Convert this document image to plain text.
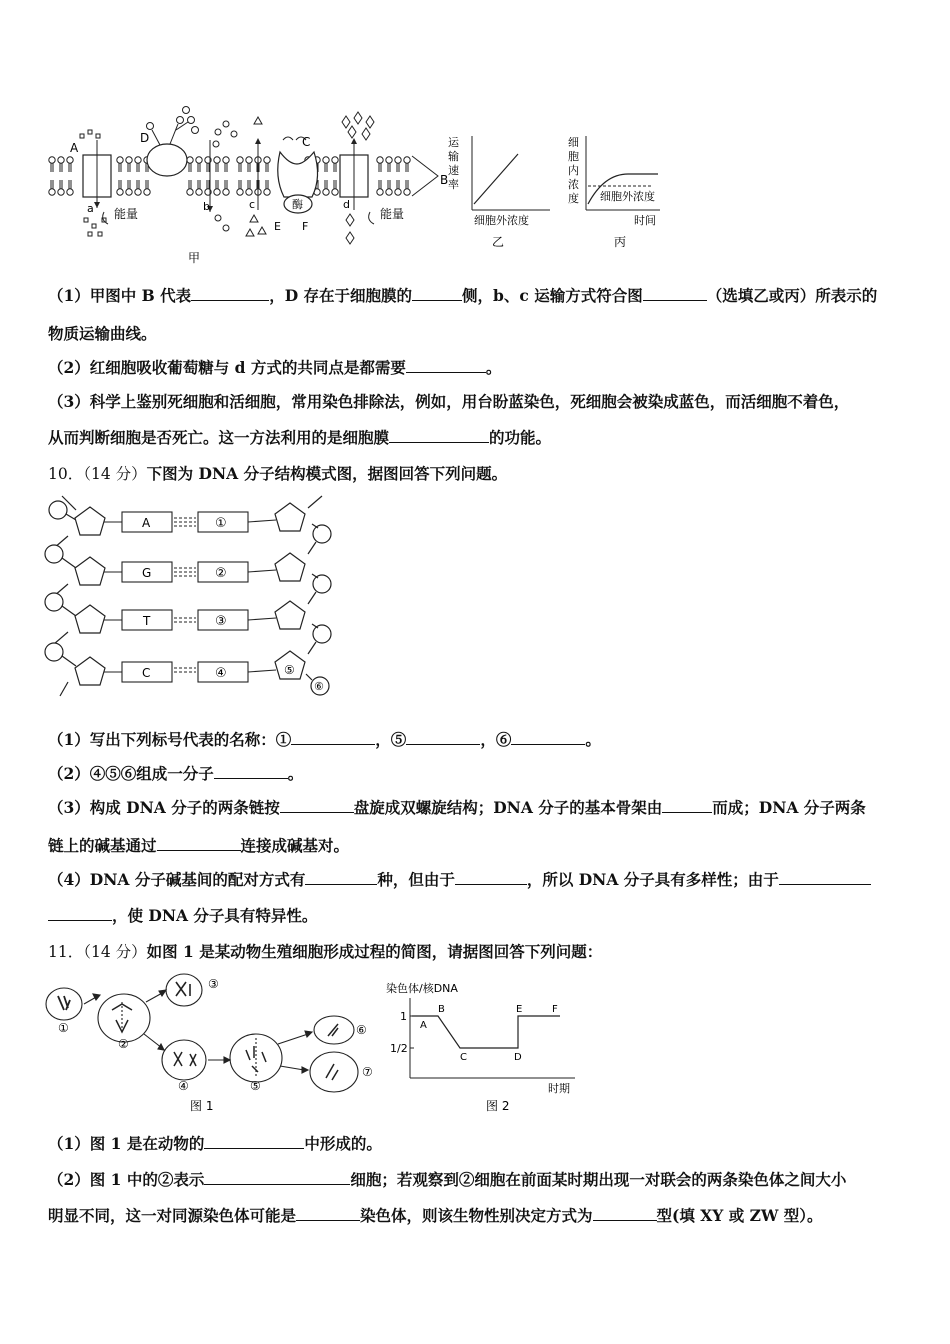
A
D	C
B
a	b	c	d
酶
E F
能量	能量
甲
运
输
速
率
细胞外浓度
乙
细
胞
内
浓
度 细胞外浓度
时间
丙
（1）甲图中 B 代表	，D 存在于细胞膜的	侧，b、c 运输方式符合图	（选填乙或丙）所表示的
物质运输曲线。
（2）红细胞吸收葡萄糖与 d 方式的共同点是都需要	。
（3）科学上鉴别死细胞和活细胞，常用染色排除法，例如，用台盼蓝染色，死细胞会被染成蓝色，而活细胞不着色，
从而判断细胞是否死亡。这一方法利用的是细胞膜	的功能。
10．（14 分）下图为 DNA 分子结构模式图，据图回答下列问题。
A
G
T
C
①
②
③
④	⑤
⑥
（1）写出下列标号代表的名称：①	，⑤	，⑥	。
（2）④⑤⑥组成一分子	。
（3）构成 DNA 分子的两条链按	盘旋成双螺旋结构；DNA 分子的基本骨架由	而成；DNA 分子两条
链上的碱基通过	连接成碱基对。
（4）DNA 分子碱基间的配对方式有	种，但由于	，所以 DNA 分子具有多样性；由于
，使 DNA 分子具有特异性。
11．（14 分）如图 1 是某动物生殖细胞形成过程的简图，请据图回答下列问题：
①
②
③
④	⑤
⑥
⑦
图 1
染色体/核DNA
1
1/2
A
B
C	D
E	F
时期
图 2
（1）图 1 是在动物的	中形成的。
（2）图 1 中的②表示	细胞；若观察到②细胞在前面某时期出现一对联会的两条染色体之间大小
明显不同，这一对同源染色体可能是	染色体，则该生物性别决定方式为	型(填 XY 或 ZW 型）。
